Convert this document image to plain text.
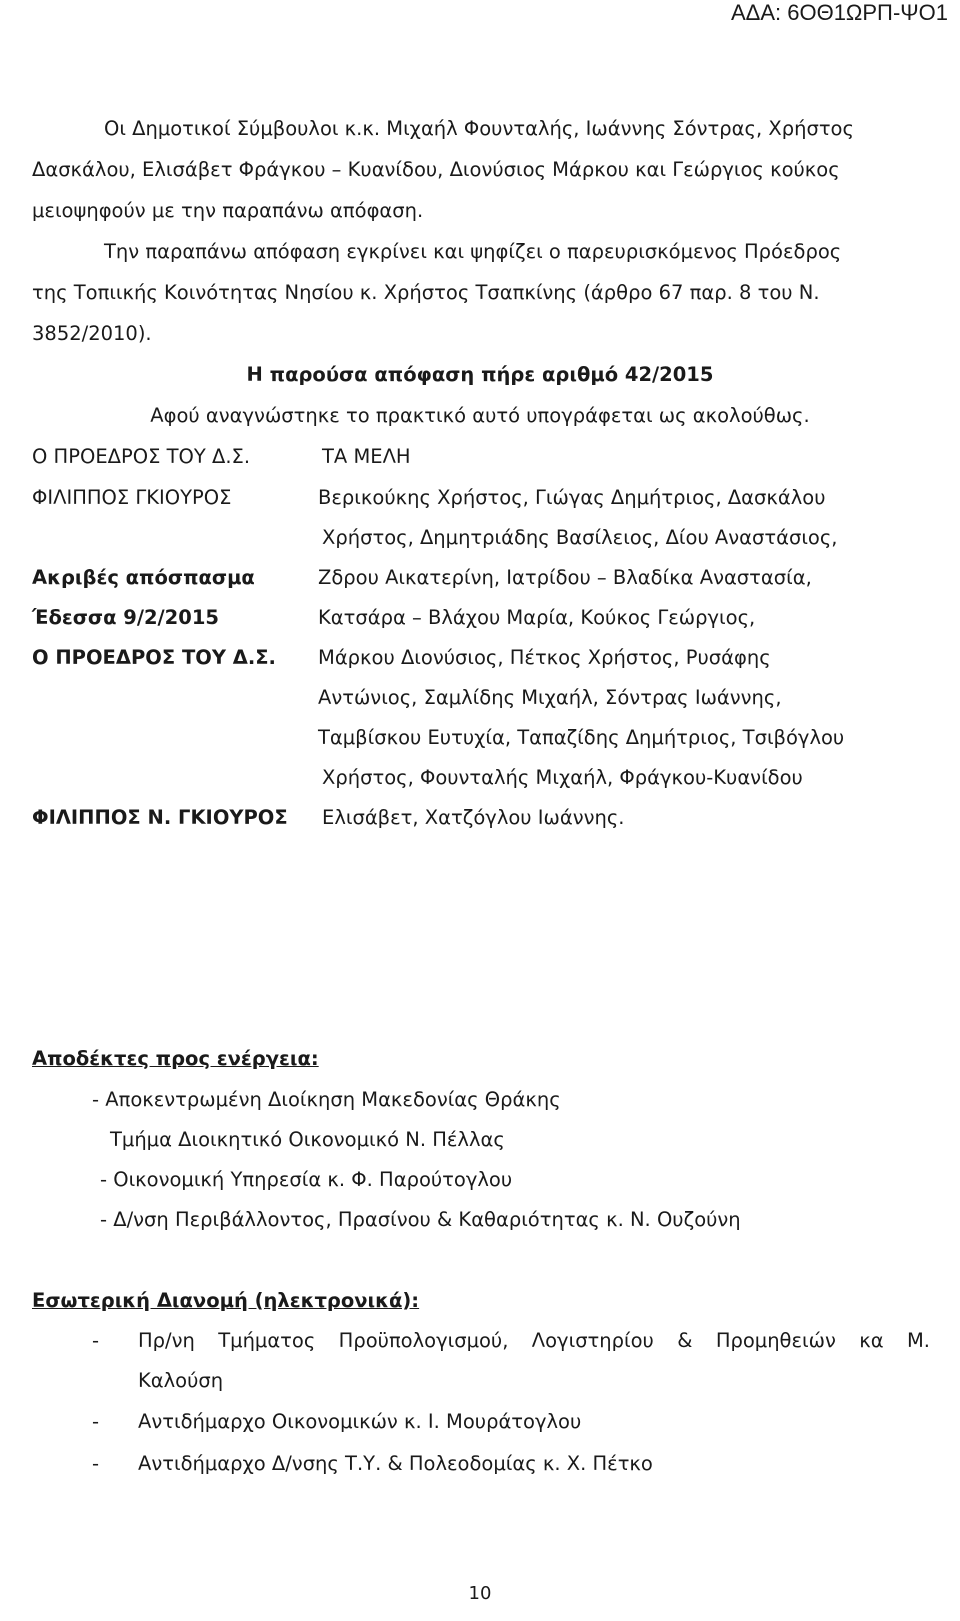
ΑΔΑ: 6ΟΘ1ΩΡΠ-ΨΟ1
Οι Δημοτικοί Σύμβουλοι κ.κ. Μιχαήλ Φουνταλής, Ιωάννης Σόντρας, Χρήστος
Δασκάλου, Ελισάβετ Φράγκου – Κυανίδου, Διονύσιος Μάρκου και Γεώργιος κούκος
μειοψηφούν με την παραπάνω απόφαση.
Την παραπάνω απόφαση εγκρίνει και ψηφίζει ο παρευρισκόμενος Πρόεδρος
της Τοπιικής Κοινότητας Νησίου κ. Χρήστος Τσαπκίνης (άρθρο 67 παρ. 8 του Ν.
3852/2010).
Η παρούσα απόφαση πήρε αριθμό 42/2015
Αφού αναγνώστηκε το πρακτικό αυτό υπογράφεται ως ακολούθως.
Ο ΠΡΟΕΔΡΟΣ ΤΟΥ Δ.Σ.	ΤΑ ΜΕΛΗ
ΦΙΛΙΠΠΟΣ ΓΚΙΟΥΡΟΣ	Βερικούκης Χρήστος, Γιώγας Δημήτριος, Δασκάλου
Χρήστος, Δημητριάδης Βασίλειος, Δίου Αναστάσιος,
Ζδρου Αικατερίνη, Ιατρίδου – Βλαδίκα Αναστασία,
Κατσάρα – Βλάχου Μαρία, Κούκος Γεώργιος,
Μάρκου Διονύσιος, Πέτκος Χρήστος, Ρυσάφης
Αντώνιος, Σαμλίδης Μιχαήλ, Σόντρας Ιωάννης,
Ταμβίσκου Ευτυχία, Ταπαζίδης Δημήτριος, Τσιβόγλου
Χρήστος, Φουνταλής Μιχαήλ, Φράγκου-Κυανίδου
Ελισάβετ, Χατζόγλου Ιωάννης.
Ακριβές απόσπασμα
Έδεσσα 9/2/2015
Ο ΠΡΟΕΔΡΟΣ ΤΟΥ Δ.Σ.
ΦΙΛΙΠΠΟΣ Ν. ΓΚΙΟΥΡΟΣ
Αποδέκτες προς ενέργεια:
- Αποκεντρωμένη Διοίκηση Μακεδονίας Θράκης
Τμήμα Διοικητικό Οικονομικό Ν. Πέλλας
- Οικονομική Υπηρεσία κ. Φ. Παρούτογλου
- Δ/νση Περιβάλλοντος, Πρασίνου & Καθαριότητας κ. Ν. Ουζούνη
Εσωτερική Διανομή (ηλεκτρονικά):
- Πρ/νη Τμήματος Προϋπολογισμού, Λογιστηρίου & Προμηθειών κα Μ.
Καλούση
- Αντιδήμαρχο Οικονομικών κ. Ι. Μουράτογλου
- Αντιδήμαρχο Δ/νσης Τ.Υ. & Πολεοδομίας κ. Χ. Πέτκο
10
